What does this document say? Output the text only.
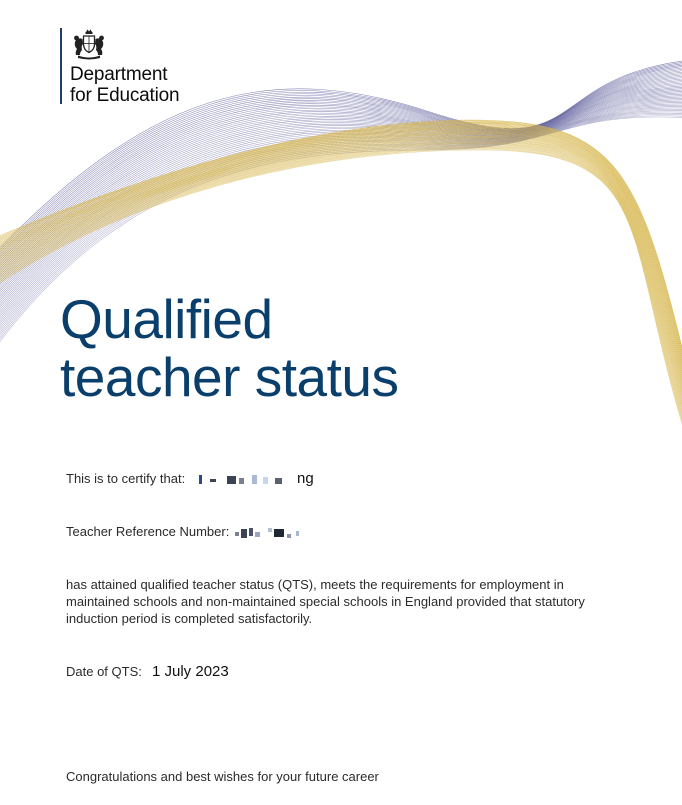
Department
for Education
Qualified
teacher status
This is to certify that:	ng
Teacher Reference Number:
has attained qualified teacher status (QTS), meets the requirements for employment in maintained schools and non-maintained special schools in England provided that statutory induction period is completed satisfactorily.
Date of QTS: 1 July 2023
Congratulations and best wishes for your future career
